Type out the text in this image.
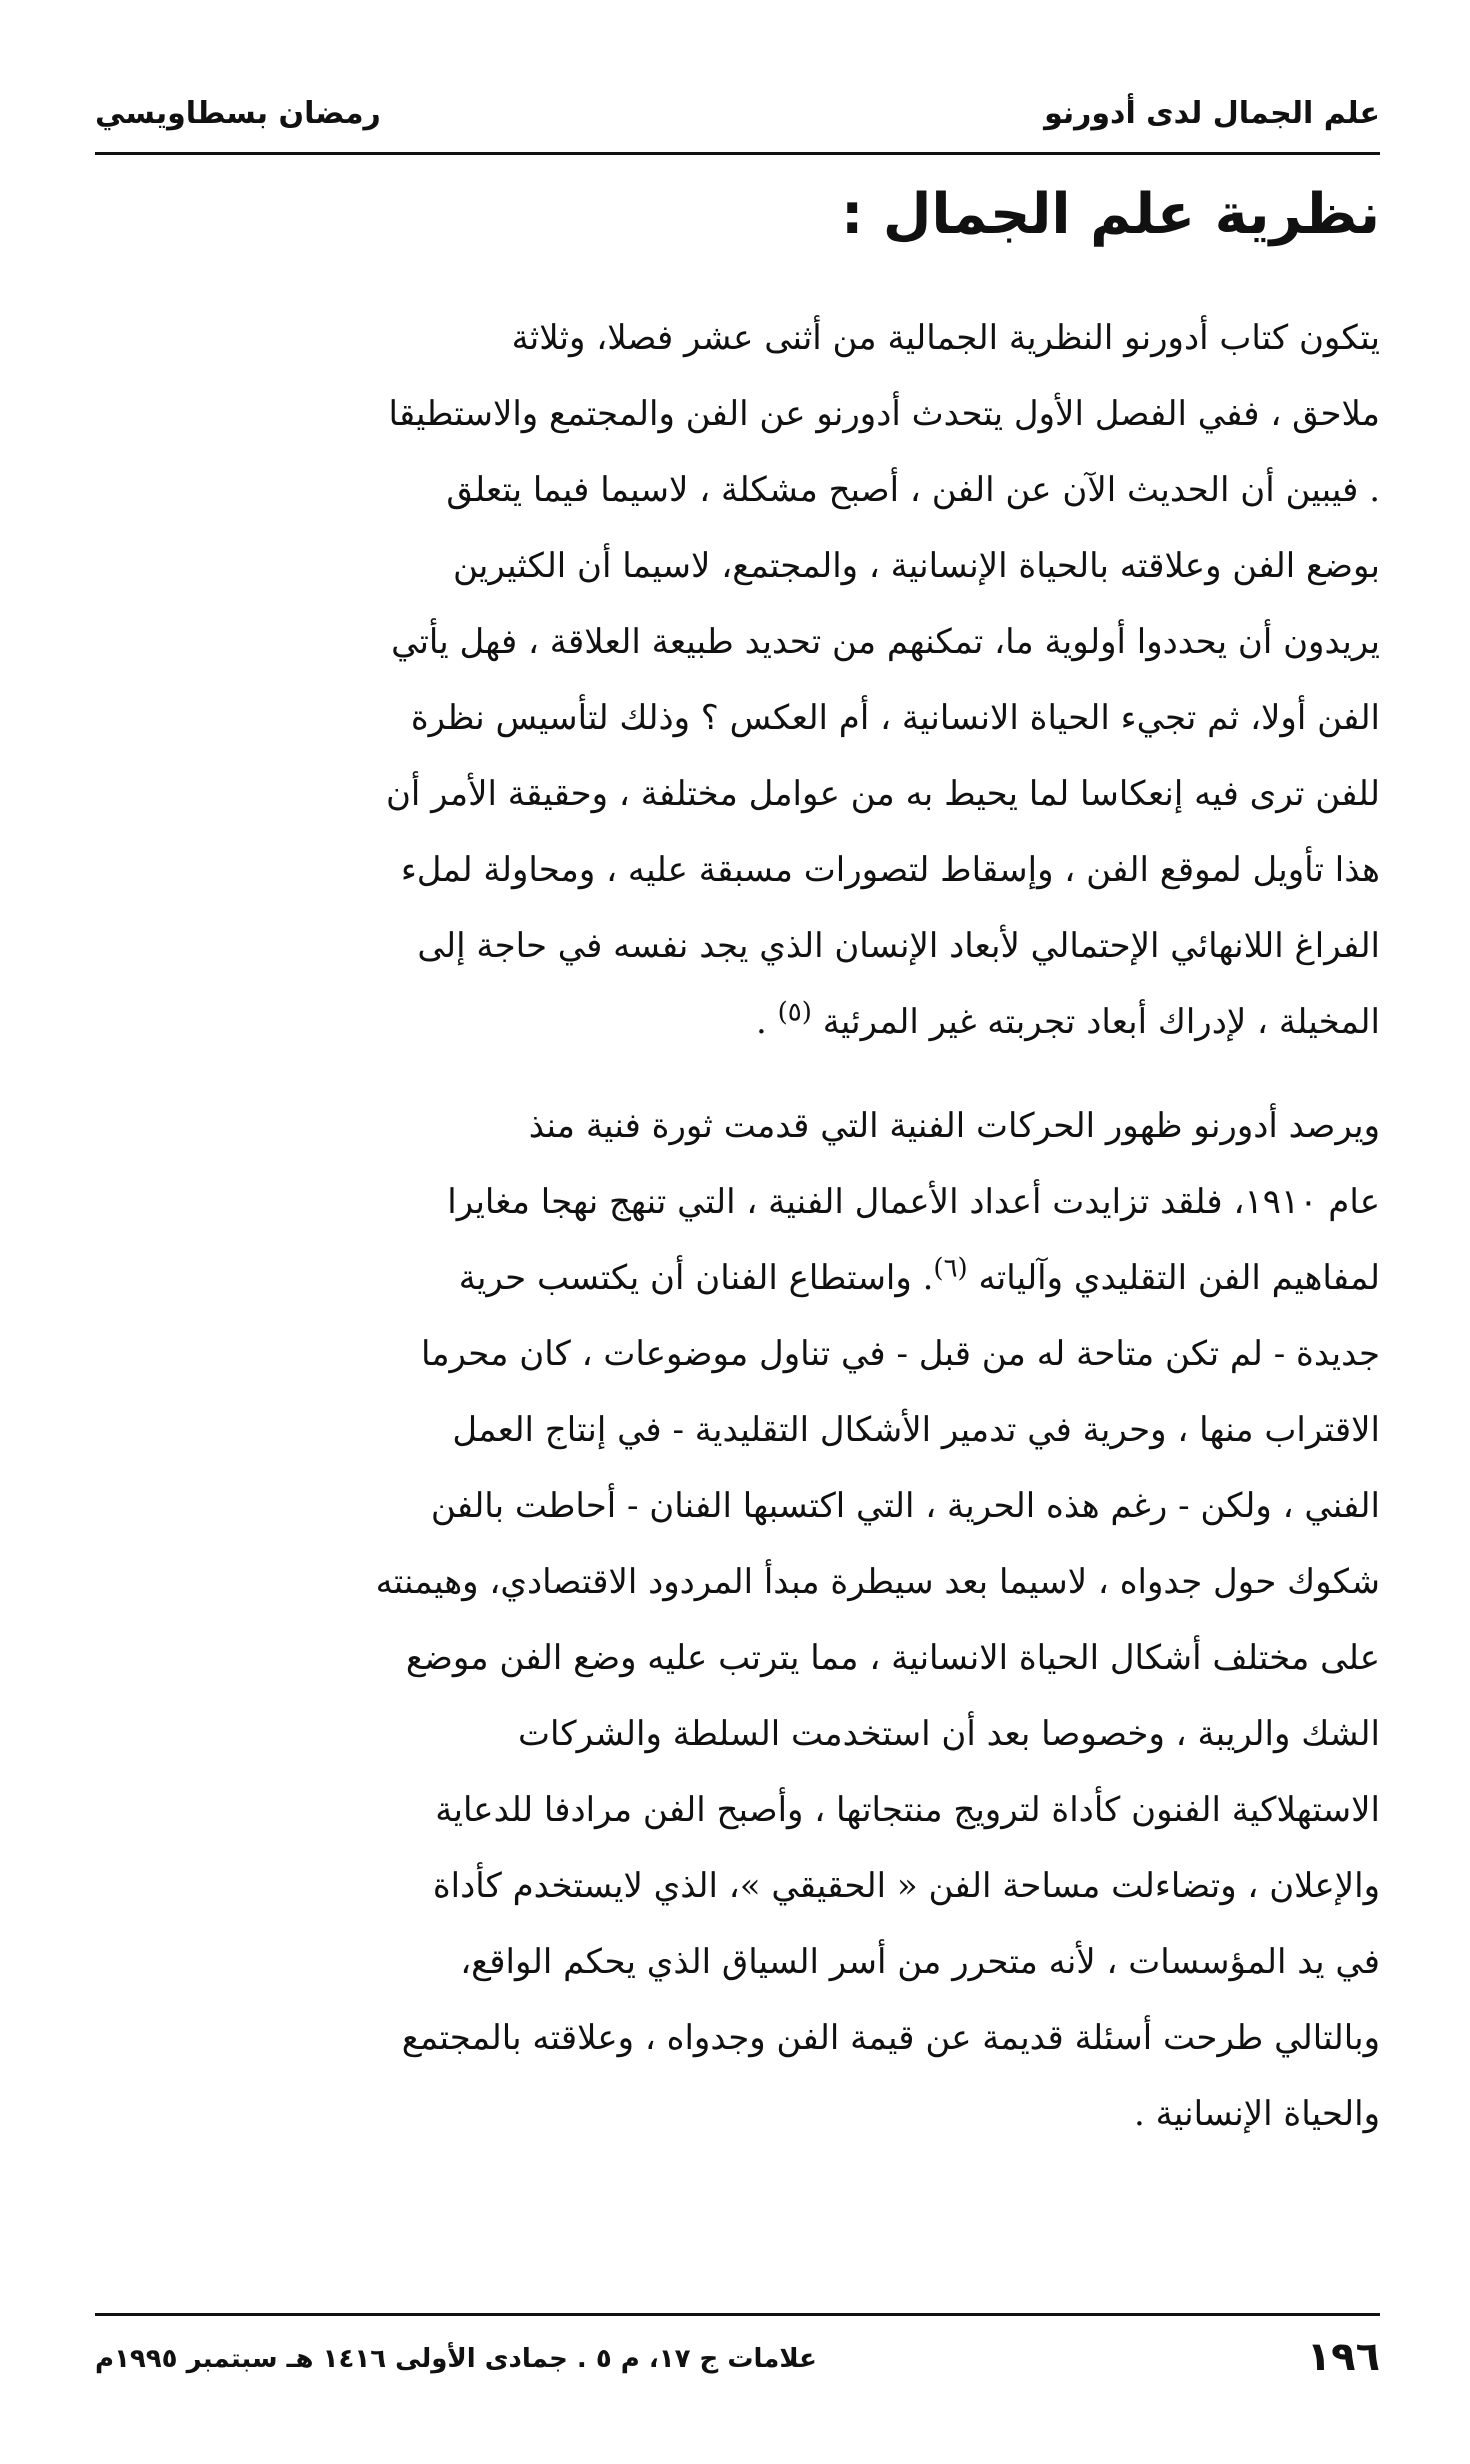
علم الجمال لدى أدورنو
رمضان بسطاويسي
نظرية علم الجمال :

يتكون كتاب أدورنو النظرية الجمالية من أثنى عشر فصلا، وثلاثة
ملاحق ، ففي الفصل الأول يتحدث أدورنو عن الفن والمجتمع والاستطيقا
. فيبين أن الحديث الآن عن الفن ، أصبح مشكلة ، لاسيما فيما يتعلق
بوضع الفن وعلاقته بالحياة الإنسانية ، والمجتمع، لاسيما أن الكثيرين
يريدون أن يحددوا أولوية ما، تمكنهم من تحديد طبيعة العلاقة ، فهل يأتي
الفن أولا، ثم تجيء الحياة الانسانية ، أم العكس ؟ وذلك لتأسيس نظرة
للفن ترى فيه إنعكاسا لما يحيط به من عوامل مختلفة ، وحقيقة الأمر أن
هذا تأويل لموقع الفن ، وإسقاط لتصورات مسبقة عليه ، ومحاولة لملء
الفراغ اللانهائي الإحتمالي لأبعاد الإنسان الذي يجد نفسه في حاجة إلى
المخيلة ، لإدراك أبعاد تجربته غير المرئية $^{(٥)}$ .

ويرصد أدورنو ظهور الحركات الفنية التي قدمت ثورة فنية منذ
عام ١٩١٠، فلقد تزايدت أعداد الأعمال الفنية ، التي تنهج نهجا مغايرا
لمفاهيم الفن التقليدي وآلياته $^{(٦)}$. واستطاع الفنان أن يكتسب حرية
جديدة - لم تكن متاحة له من قبل - في تناول موضوعات ، كان محرما
الاقتراب منها ، وحرية في تدمير الأشكال التقليدية - في إنتاج العمل
الفني ، ولكن - رغم هذه الحرية ، التي اكتسبها الفنان - أحاطت بالفن
شكوك حول جدواه ، لاسيما بعد سيطرة مبدأ المردود الاقتصادي، وهيمنته
على مختلف أشكال الحياة الانسانية ، مما يترتب عليه وضع الفن موضع
الشك والريبة ، وخصوصا بعد أن استخدمت السلطة والشركات
الاستهلاكية الفنون كأداة لترويج منتجاتها ، وأصبح الفن مرادفا للدعاية
والإعلان ، وتضاءلت مساحة الفن « الحقيقي »، الذي لايستخدم كأداة
في يد المؤسسات ، لأنه متحرر من أسر السياق الذي يحكم الواقع،
وبالتالي طرحت أسئلة قديمة عن قيمة الفن وجدواه ، وعلاقته بالمجتمع
والحياة الإنسانية .

١٩٦
علامات ج ١٧، م ٥ . جمادى الأولى ١٤١٦ هـ سبتمبر ١٩٩٥م
